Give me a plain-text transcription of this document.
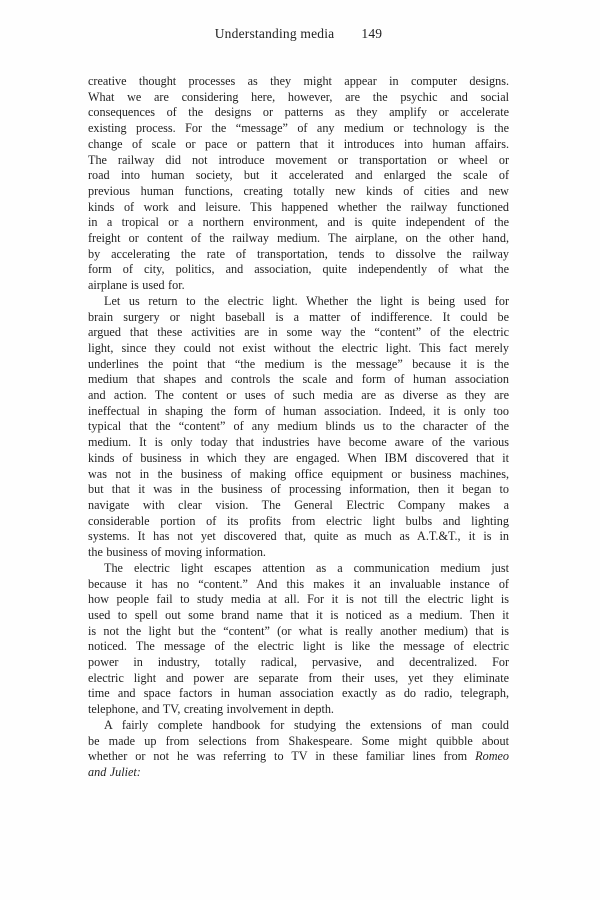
Understanding media 149
creative thought processes as they might appear in computer designs.
What we are considering here, however, are the psychic and social
consequences of the designs or patterns as they amplify or accelerate
existing process. For the “message” of any medium or technology is the
change of scale or pace or pattern that it introduces into human affairs.
The railway did not introduce movement or transportation or wheel or
road into human society, but it accelerated and enlarged the scale of
previous human functions, creating totally new kinds of cities and new
kinds of work and leisure. This happened whether the railway functioned
in a tropical or a northern environment, and is quite independent of the
freight or content of the railway medium. The airplane, on the other hand,
by accelerating the rate of transportation, tends to dissolve the railway
form of city, politics, and association, quite independently of what the
airplane is used for.
Let us return to the electric light. Whether the light is being used for
brain surgery or night baseball is a matter of indifference. It could be
argued that these activities are in some way the “content” of the electric
light, since they could not exist without the electric light. This fact merely
underlines the point that “the medium is the message” because it is the
medium that shapes and controls the scale and form of human association
and action. The content or uses of such media are as diverse as they are
ineffectual in shaping the form of human association. Indeed, it is only too
typical that the “content” of any medium blinds us to the character of the
medium. It is only today that industries have become aware of the various
kinds of business in which they are engaged. When IBM discovered that it
was not in the business of making office equipment or business machines,
but that it was in the business of processing information, then it began to
navigate with clear vision. The General Electric Company makes a
considerable portion of its profits from electric light bulbs and lighting
systems. It has not yet discovered that, quite as much as A.T.&T., it is in
the business of moving information.
The electric light escapes attention as a communication medium just
because it has no “content.” And this makes it an invaluable instance of
how people fail to study media at all. For it is not till the electric light is
used to spell out some brand name that it is noticed as a medium. Then it
is not the light but the “content” (or what is really another medium) that is
noticed. The message of the electric light is like the message of electric
power in industry, totally radical, pervasive, and decentralized. For
electric light and power are separate from their uses, yet they eliminate
time and space factors in human association exactly as do radio, telegraph,
telephone, and TV, creating involvement in depth.
A fairly complete handbook for studying the extensions of man could
be made up from selections from Shakespeare. Some might quibble about
whether or not he was referring to TV in these familiar lines from Romeo
and Juliet:
